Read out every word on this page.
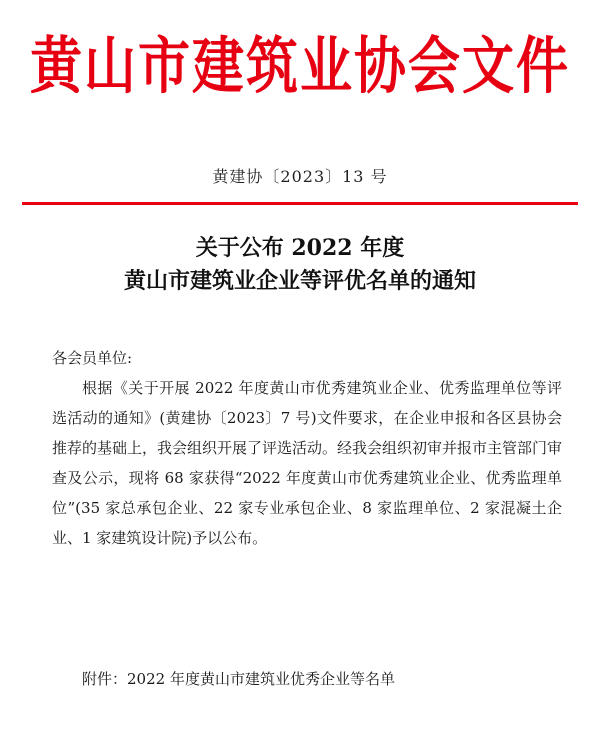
黄山市建筑业协会文件
黄建协〔2023〕13 号
关于公布 2022 年度
黄山市建筑业企业等评优名单的通知

各会员单位:

根据《关于开展 2022 年度黄山市优秀建筑业企业、优秀监理单位等评选活动的通知》(黄建协〔2023〕7 号)文件要求，在企业申报和各区县协会推荐的基础上，我会组织开展了评选活动。经我会组织初审并报市主管部门审查及公示，现将 68 家获得“2022 年度黄山市优秀建筑业企业、优秀监理单位”(35 家总承包企业、22 家专业承包企业、8 家监理单位、2 家混凝土企业、1 家建筑设计院)予以公布。

附件：2022 年度黄山市建筑业优秀企业等名单
